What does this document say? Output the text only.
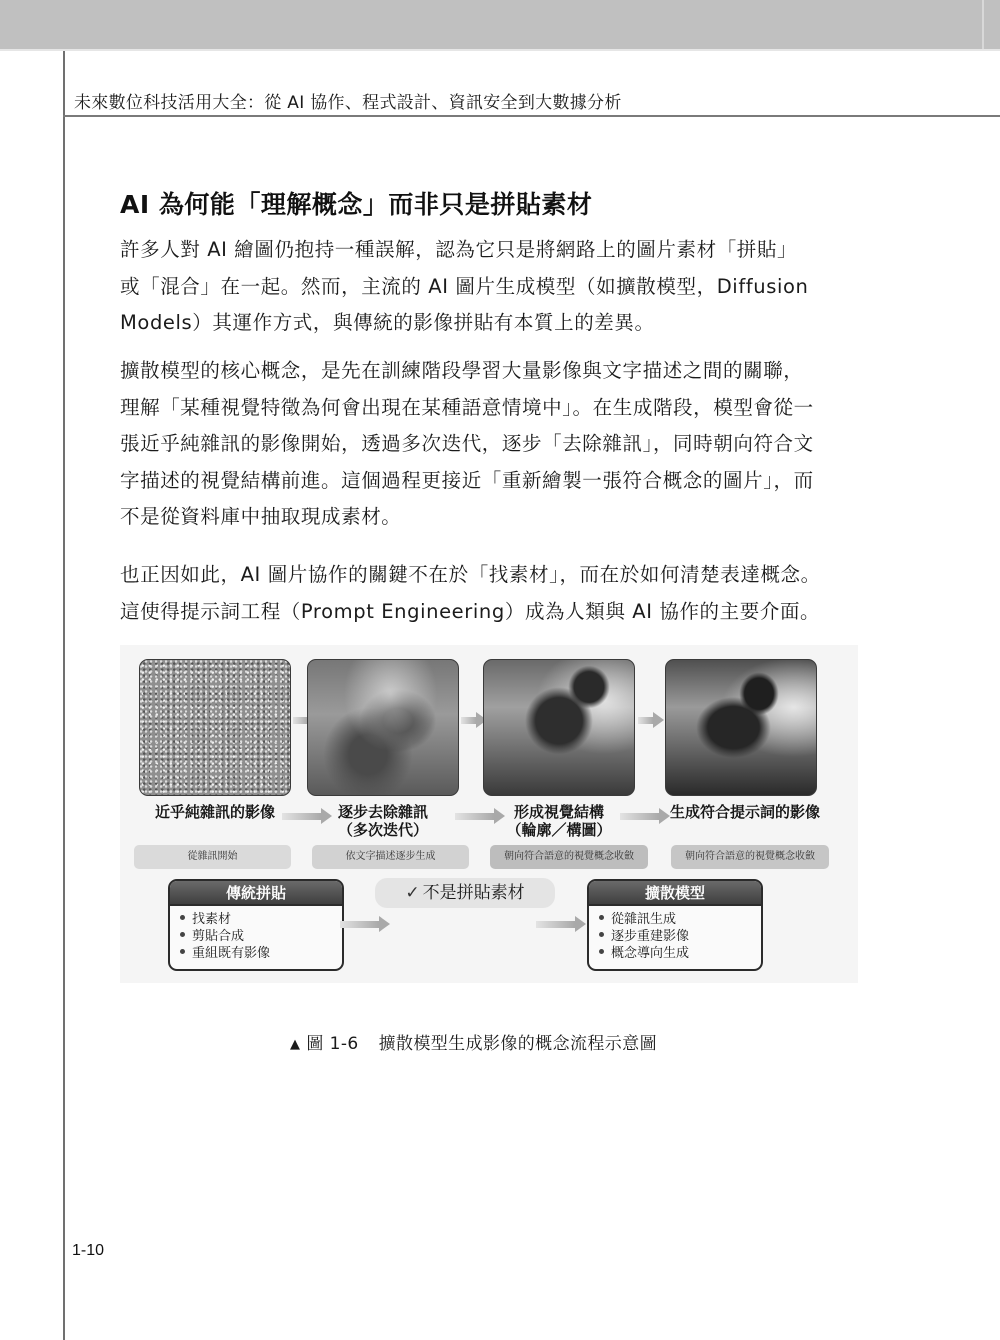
未來數位科技活用大全：從 AI 協作、程式設計、資訊安全到大數據分析
AI 為何能「理解概念」而非只是拼貼素材
許多人對 AI 繪圖仍抱持一種誤解，認為它只是將網路上的圖片素材「拼貼」
或「混合」在一起。然而，主流的 AI 圖片生成模型（如擴散模型，Diffusion
Models）其運作方式，與傳統的影像拼貼有本質上的差異。
擴散模型的核心概念，是先在訓練階段學習大量影像與文字描述之間的關聯，
理解「某種視覺特徵為何會出現在某種語意情境中」。在生成階段，模型會從一
張近乎純雜訊的影像開始，透過多次迭代，逐步「去除雜訊」，同時朝向符合文
字描述的視覺結構前進。這個過程更接近「重新繪製一張符合概念的圖片」，而
不是從資料庫中抽取現成素材。
也正因如此，AI 圖片協作的關鍵不在於「找素材」，而在於如何清楚表達概念。
這使得提示詞工程（Prompt Engineering）成為人類與 AI 協作的主要介面。
近乎純雜訊的影像	逐步去除雜訊
（多次迭代）
形成視覺結構
（輪廓／構圖）
生成符合提示詞的影像
從雜訊開始	依文字描述逐步生成	朝向符合語意的視覺概念收斂	朝向符合語意的視覺概念收斂
傳統拼貼
找素材
剪貼合成
重組既有影像
✓ 不是拼貼素材	擴散模型
從雜訊生成
逐步重建影像
概念導向生成
▲ 圖 1-6 擴散模型生成影像的概念流程示意圖
1-10
